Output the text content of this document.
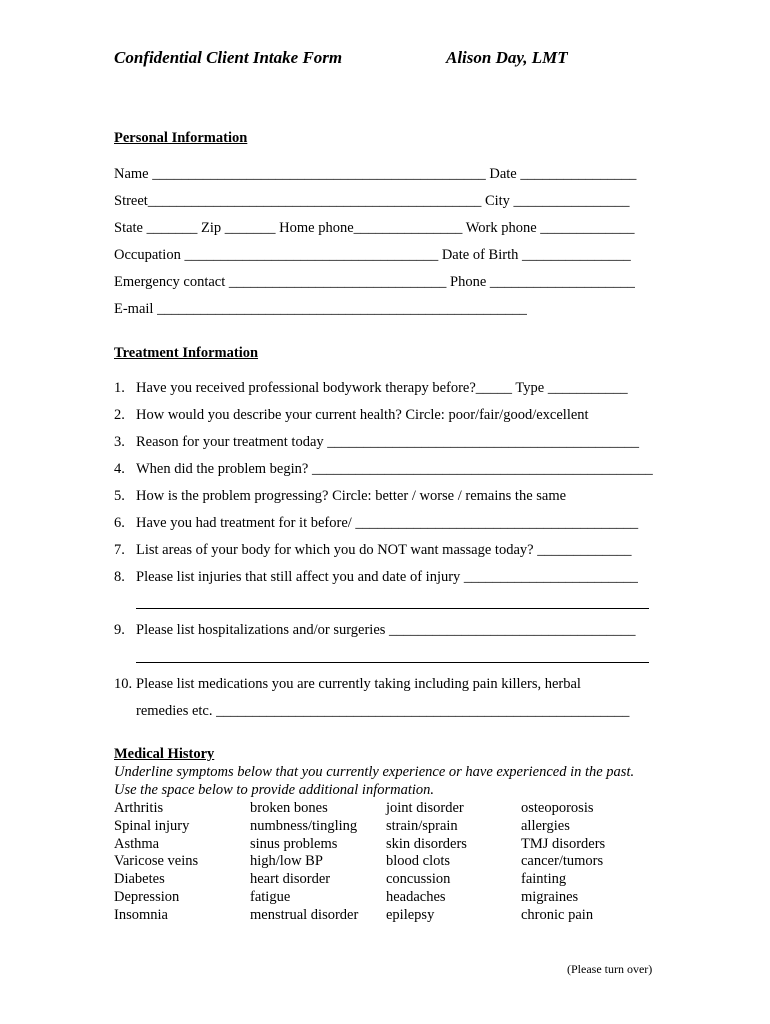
Confidential Client Intake Form	Alison Day, LMT
Personal Information
Name ______________________________________________ Date ________________
Street______________________________________________ City ________________
State _______ Zip _______ Home phone_______________ Work phone _____________
Occupation ___________________________________ Date of Birth _______________
Emergency contact ______________________________ Phone ____________________
E-mail ___________________________________________________
Treatment Information
1. Have you received professional bodywork therapy before?_____ Type ___________
2. How would you describe your current health? Circle: poor/fair/good/excellent
3. Reason for your treatment today ___________________________________________
4. When did the problem begin? _______________________________________________
5. How is the problem progressing? Circle: better / worse / remains the same
6. Have you had treatment for it before/ _______________________________________
7. List areas of your body for which you do NOT want massage today? _____________
8. Please list injuries that still affect you and date of injury ________________________
9. Please list hospitalizations and/or surgeries __________________________________
10. Please list medications you are currently taking including pain killers, herbal
remedies etc. _________________________________________________________
Medical History
Underline symptoms below that you currently experience or have experienced in the past.
Use the space below to provide additional information.
Arthritis
Spinal injury
Asthma
Varicose veins
Diabetes
Depression
Insomnia
broken bones
numbness/tingling
sinus problems
high/low BP
heart disorder
fatigue
menstrual disorder
joint disorder
strain/sprain
skin disorders
blood clots
concussion
headaches
epilepsy
osteoporosis
allergies
TMJ disorders
cancer/tumors
fainting
migraines
chronic pain
(Please turn over)
